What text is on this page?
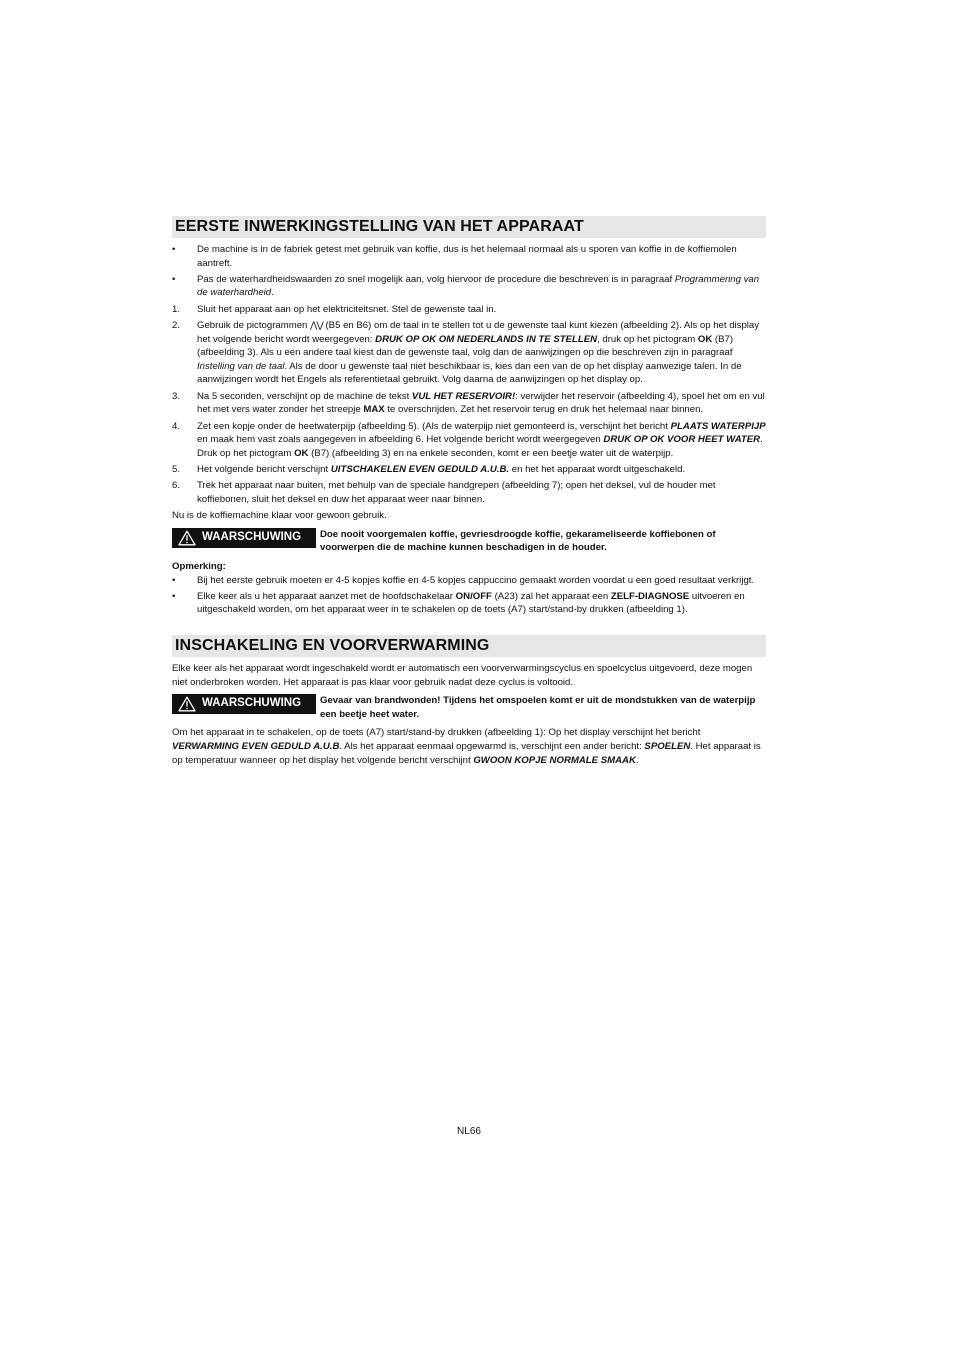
EERSTE INWERKINGSTELLING VAN HET APPARAAT
• De machine is in de fabriek getest met gebruik van koffie, dus is het helemaal normaal als u sporen van koffie in de koffiemolen aantreft.
• Pas de waterhardheidswaarden zo snel mogelijk aan, volg hiervoor de procedure die beschreven is in paragraaf Programmering van de waterhardheid.
1. Sluit het apparaat aan op het elektriciteitsnet. Stel de gewenste taal in.
2. Gebruik de pictogrammen ⋀⋁ (B5 en B6) om de taal in te stellen tot u de gewenste taal kunt kiezen (afbeelding 2). Als op het display het volgende bericht wordt weergegeven: DRUK OP OK OM NEDERLANDS IN TE STELLEN, druk op het pictogram OK (B7) (afbeelding 3). Als u een andere taal kiest dan de gewenste taal, volg dan de aanwijzingen op die beschreven zijn in paragraaf Instelling van de taal. Als de door u gewenste taal niet beschikbaar is, kies dan een van de op het display aanwezige talen. In de aanwijzingen wordt het Engels als referentietaal gebruikt. Volg daarna de aanwijzingen op het display op.
3. Na 5 seconden, verschijnt op de machine de tekst VUL HET RESERVOIR!: verwijder het reservoir (afbeelding 4), spoel het om en vul het met vers water zonder het streepje MAX te overschrijden. Zet het reservoir terug en druk het helemaal naar binnen.
4. Zet een kopje onder de heetwaterpijp (afbeelding 5). (Als de waterpijp niet gemonteerd is, verschijnt het bericht PLAATS WATERPIJP en maak hem vast zoals aangegeven in afbeelding 6. Het volgende bericht wordt weergegeven DRUK OP OK VOOR HEET WATER. Druk op het pictogram OK (B7) (afbeelding 3) en na enkele seconden, komt er een beetje water uit de waterpijp.
5. Het volgende bericht verschijnt UITSCHAKELEN EVEN GEDULD A.U.B. en het het apparaat wordt uitgeschakeld.
6. Trek het apparaat naar buiten, met behulp van de speciale handgrepen (afbeelding 7); open het deksel, vul de houder met koffiebonen, sluit het deksel en duw het apparaat weer naar binnen.
Nu is de koffiemachine klaar voor gewoon gebruik.
WAARSCHUWING Doe nooit voorgemalen koffie, gevriesdroogde koffie, gekarameliseerde koffiebonen of voorwerpen die de machine kunnen beschadigen in de houder.
Opmerking:
• Bij het eerste gebruik moeten er 4-5 kopjes koffie en 4-5 kopjes cappuccino gemaakt worden voordat u een goed resultaat verkrijgt.
• Elke keer als u het apparaat aanzet met de hoofdschakelaar ON/OFF (A23) zal het apparaat een ZELF-DIAGNOSE uitvoeren en uitgeschakeld worden, om het apparaat weer in te schakelen op de toets (A7) start/stand-by drukken (afbeelding 1).
INSCHAKELING EN VOORVERWARMING
Elke keer als het apparaat wordt ingeschakeld wordt er automatisch een voorverwarmingscyclus en spoelcyclus uitgevoerd, deze mogen niet onderbroken worden. Het apparaat is pas klaar voor gebruik nadat deze cyclus is voltooid.
WAARSCHUWING Gevaar van brandwonden! Tijdens het omspoelen komt er uit de mondstukken van de waterpijp een beetje heet water.
Om het apparaat in te schakelen, op de toets (A7) start/stand-by drukken (afbeelding 1): Op het display verschijnt het bericht VERWARMING EVEN GEDULD A.U.B. Als het apparaat eenmaal opgewarmd is, verschijnt een ander bericht: SPOELEN. Het apparaat is op temperatuur wanneer op het display het volgende bericht verschijnt GWOON KOPJE NORMALE SMAAK.
NL66
